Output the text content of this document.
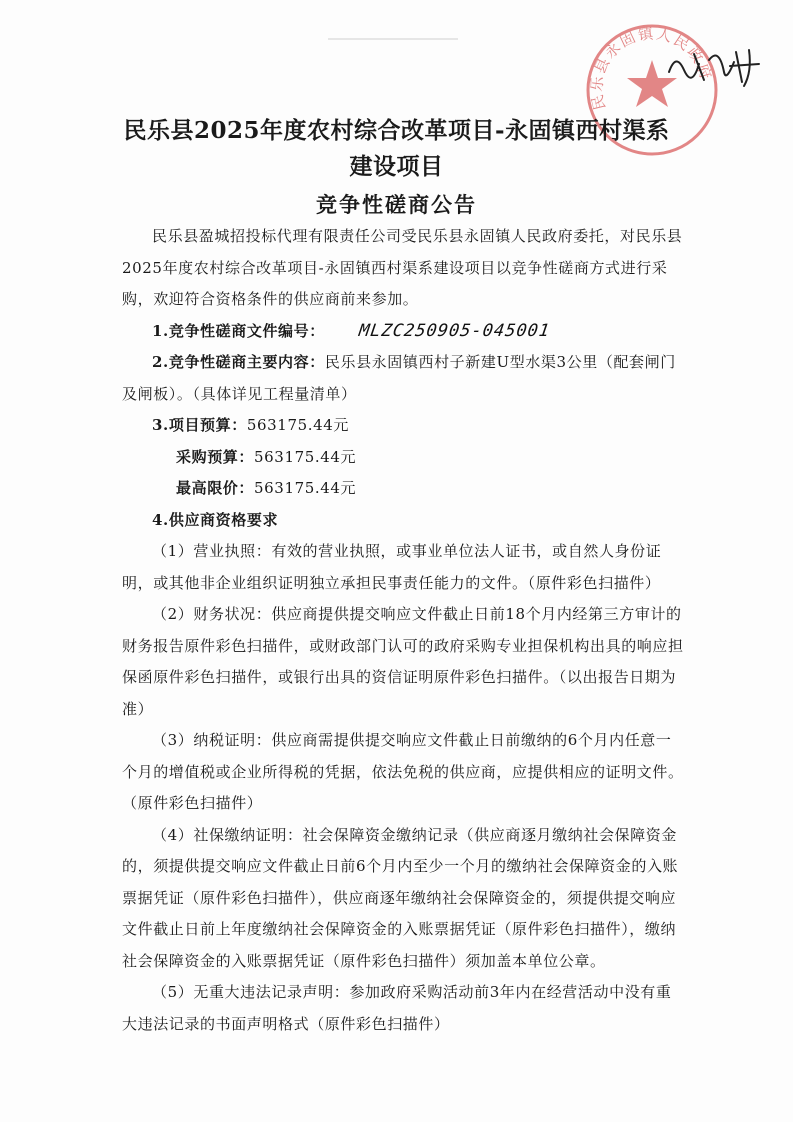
民乐县永固镇人民政府
民乐县2025年度农村综合改革项目-永固镇西村渠系
建设项目
竞争性磋商公告

民乐县盈城招投标代理有限责任公司受民乐县永固镇人民政府委托，对民乐县2025年度农村综合改革项目-永固镇西村渠系建设项目以竞争性磋商方式进行采购，欢迎符合资格条件的供应商前来参加。

1.竞争性磋商文件编号： MLZC250905-045001

2.竞争性磋商主要内容：民乐县永固镇西村子新建U型水渠3公里（配套闸门及闸板）。（具体详见工程量清单）

3.项目预算：563175.44元

采购预算：563175.44元

最高限价：563175.44元

4.供应商资格要求

（1）营业执照：有效的营业执照，或事业单位法人证书，或自然人身份证明，或其他非企业组织证明独立承担民事责任能力的文件。（原件彩色扫描件）

（2）财务状况：供应商提供提交响应文件截止日前18个月内经第三方审计的财务报告原件彩色扫描件，或财政部门认可的政府采购专业担保机构出具的响应担保函原件彩色扫描件，或银行出具的资信证明原件彩色扫描件。（以出报告日期为准）

（3）纳税证明：供应商需提供提交响应文件截止日前缴纳的6个月内任意一个月的增值税或企业所得税的凭据，依法免税的供应商，应提供相应的证明文件。（原件彩色扫描件）

（4）社保缴纳证明：社会保障资金缴纳记录（供应商逐月缴纳社会保障资金的，须提供提交响应文件截止日前6个月内至少一个月的缴纳社会保障资金的入账票据凭证（原件彩色扫描件），供应商逐年缴纳社会保障资金的，须提供提交响应文件截止日前上年度缴纳社会保障资金的入账票据凭证（原件彩色扫描件），缴纳社会保障资金的入账票据凭证（原件彩色扫描件）须加盖本单位公章。

（5）无重大违法记录声明：参加政府采购活动前3年内在经营活动中没有重大违法记录的书面声明格式（原件彩色扫描件）
